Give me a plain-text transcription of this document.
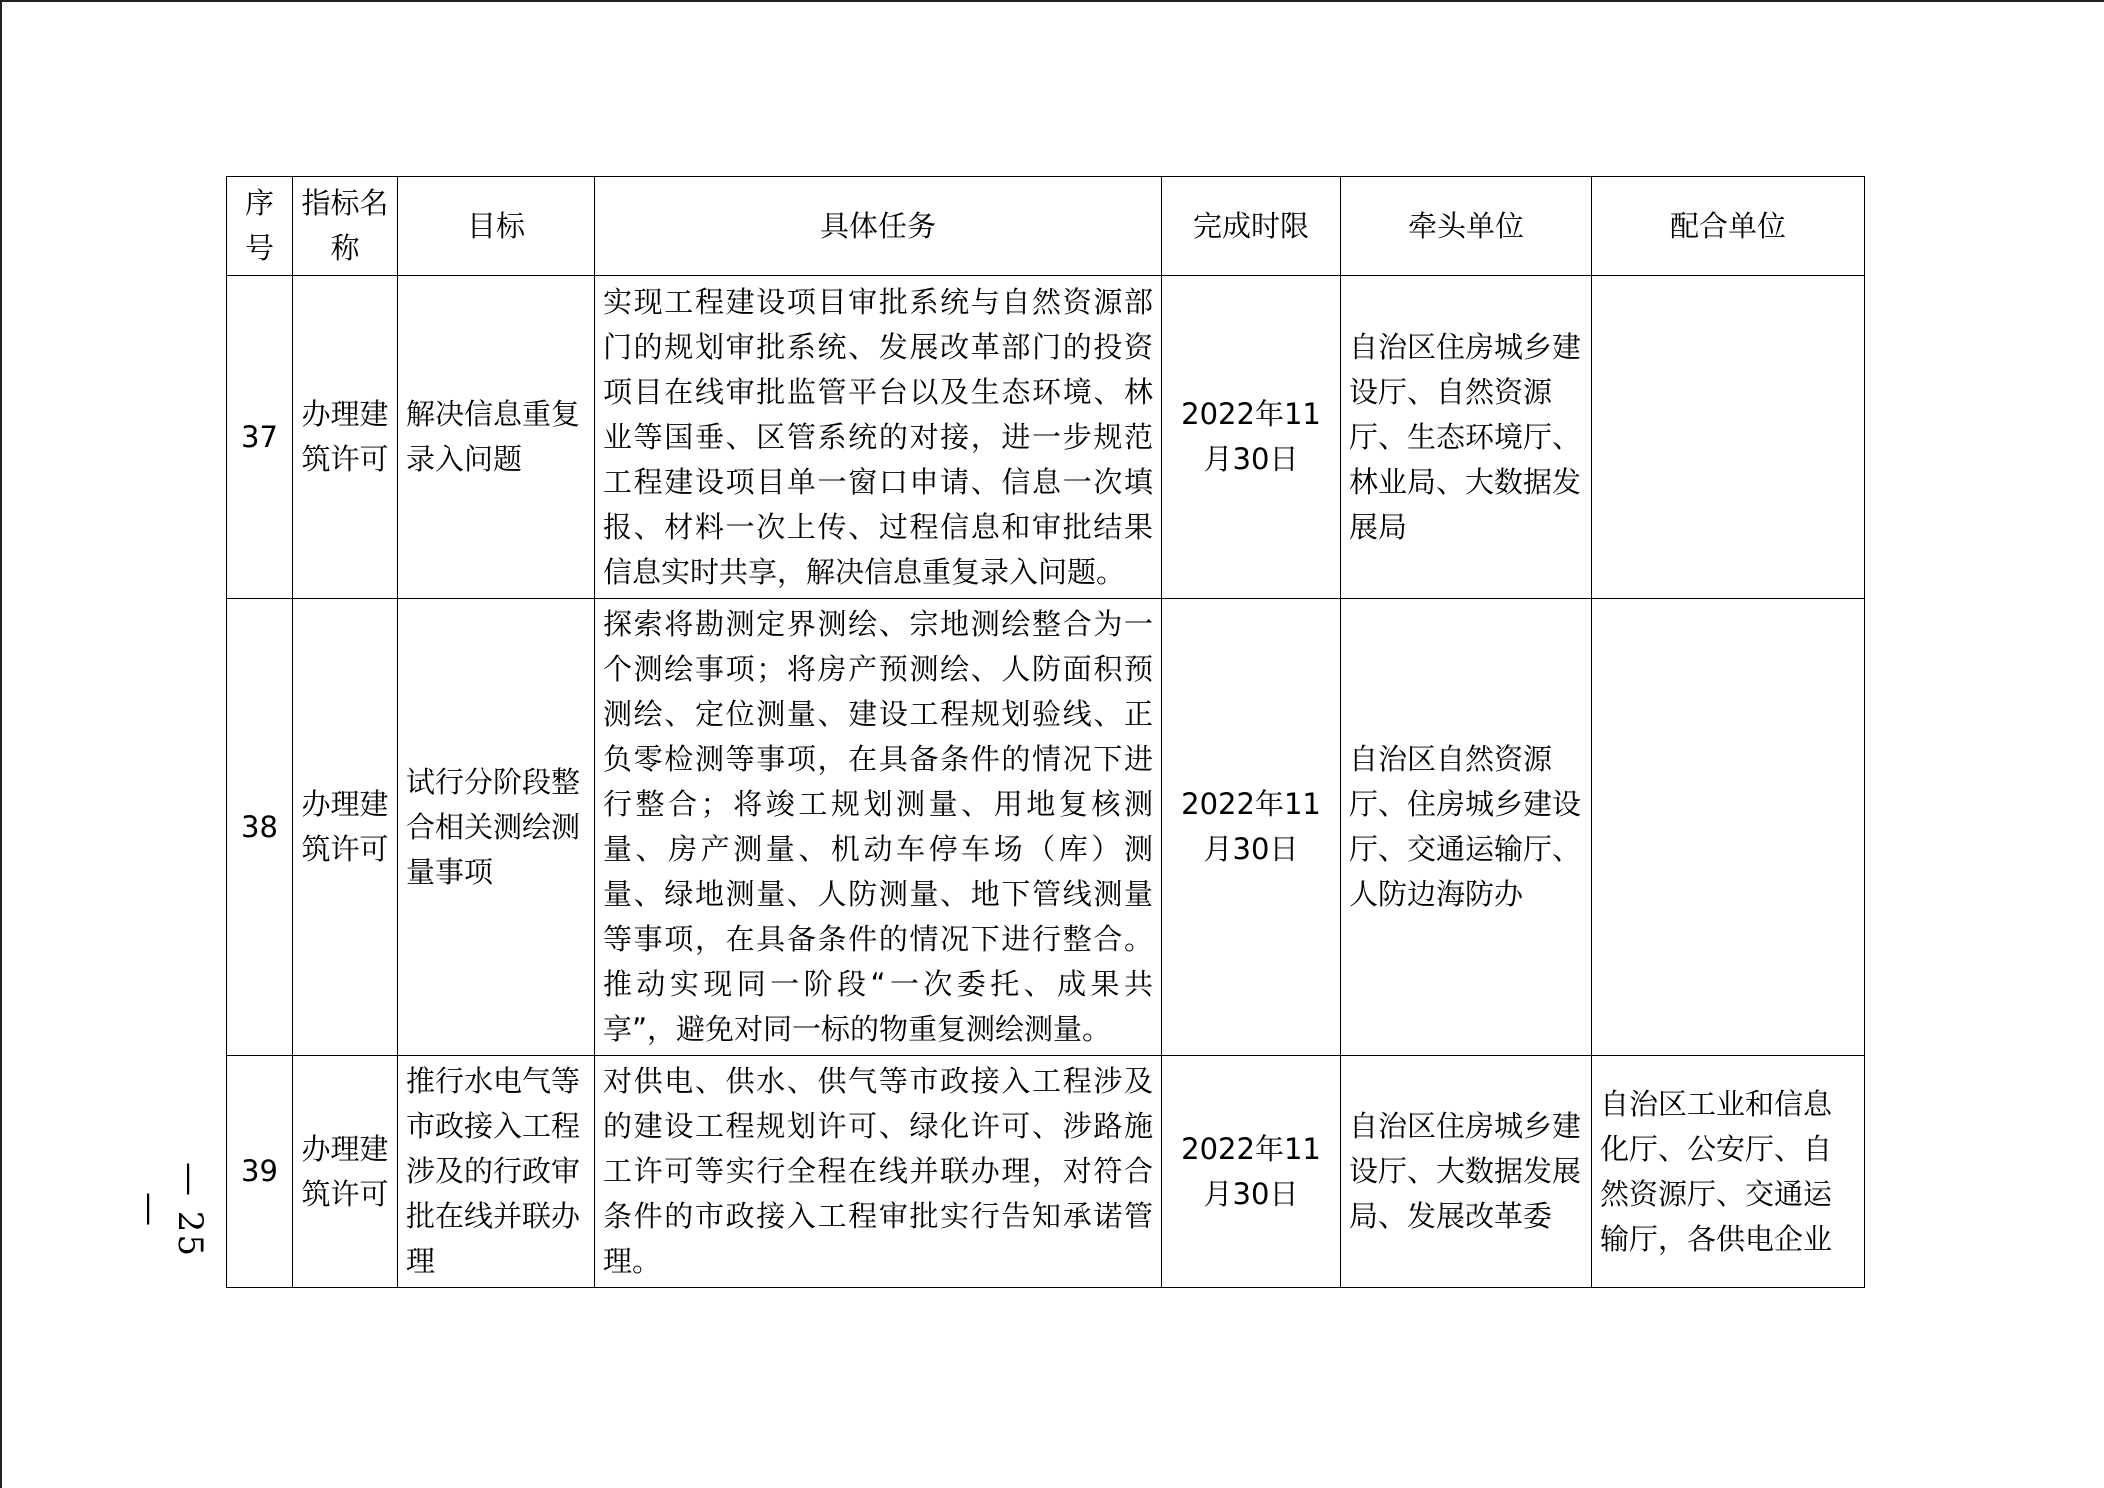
序号	指标名称	目标	具体任务	完成时限	牵头单位	配合单位
37	办理建筑许可	解决信息重复录入问题	实现工程建设项目审批系统与自然资源部门的规划审批系统、发展改革部门的投资项目在线审批监管平台以及生态环境、林业等国垂、区管系统的对接，进一步规范工程建设项目单一窗口申请、信息一次填报、材料一次上传、过程信息和审批结果信息实时共享，解决信息重复录入问题。	2022年11月30日	自治区住房城乡建设厅、自然资源厅、生态环境厅、林业局、大数据发展局	
38	办理建筑许可	试行分阶段整合相关测绘测量事项	探索将勘测定界测绘、宗地测绘整合为一个测绘事项；将房产预测绘、人防面积预测绘、定位测量、建设工程规划验线、正负零检测等事项，在具备条件的情况下进行整合；将竣工规划测量、用地复核测量、房产测量、机动车停车场（库）测量、绿地测量、人防测量、地下管线测量等事项，在具备条件的情况下进行整合。推动实现同一阶段“一次委托、成果共享”，避免对同一标的物重复测绘测量。	2022年11月30日	自治区自然资源厅、住房城乡建设厅、交通运输厅、人防边海防办	
39	办理建筑许可	推行水电气等市政接入工程涉及的行政审批在线并联办理	对供电、供水、供气等市政接入工程涉及的建设工程规划许可、绿化许可、涉路施工许可等实行全程在线并联办理，对符合条件的市政接入工程审批实行告知承诺管理。	2022年11月30日	自治区住房城乡建设厅、大数据发展局、发展改革委	自治区工业和信息化厅、公安厅、自然资源厅、交通运输厅，各供电企业
— 25 —
